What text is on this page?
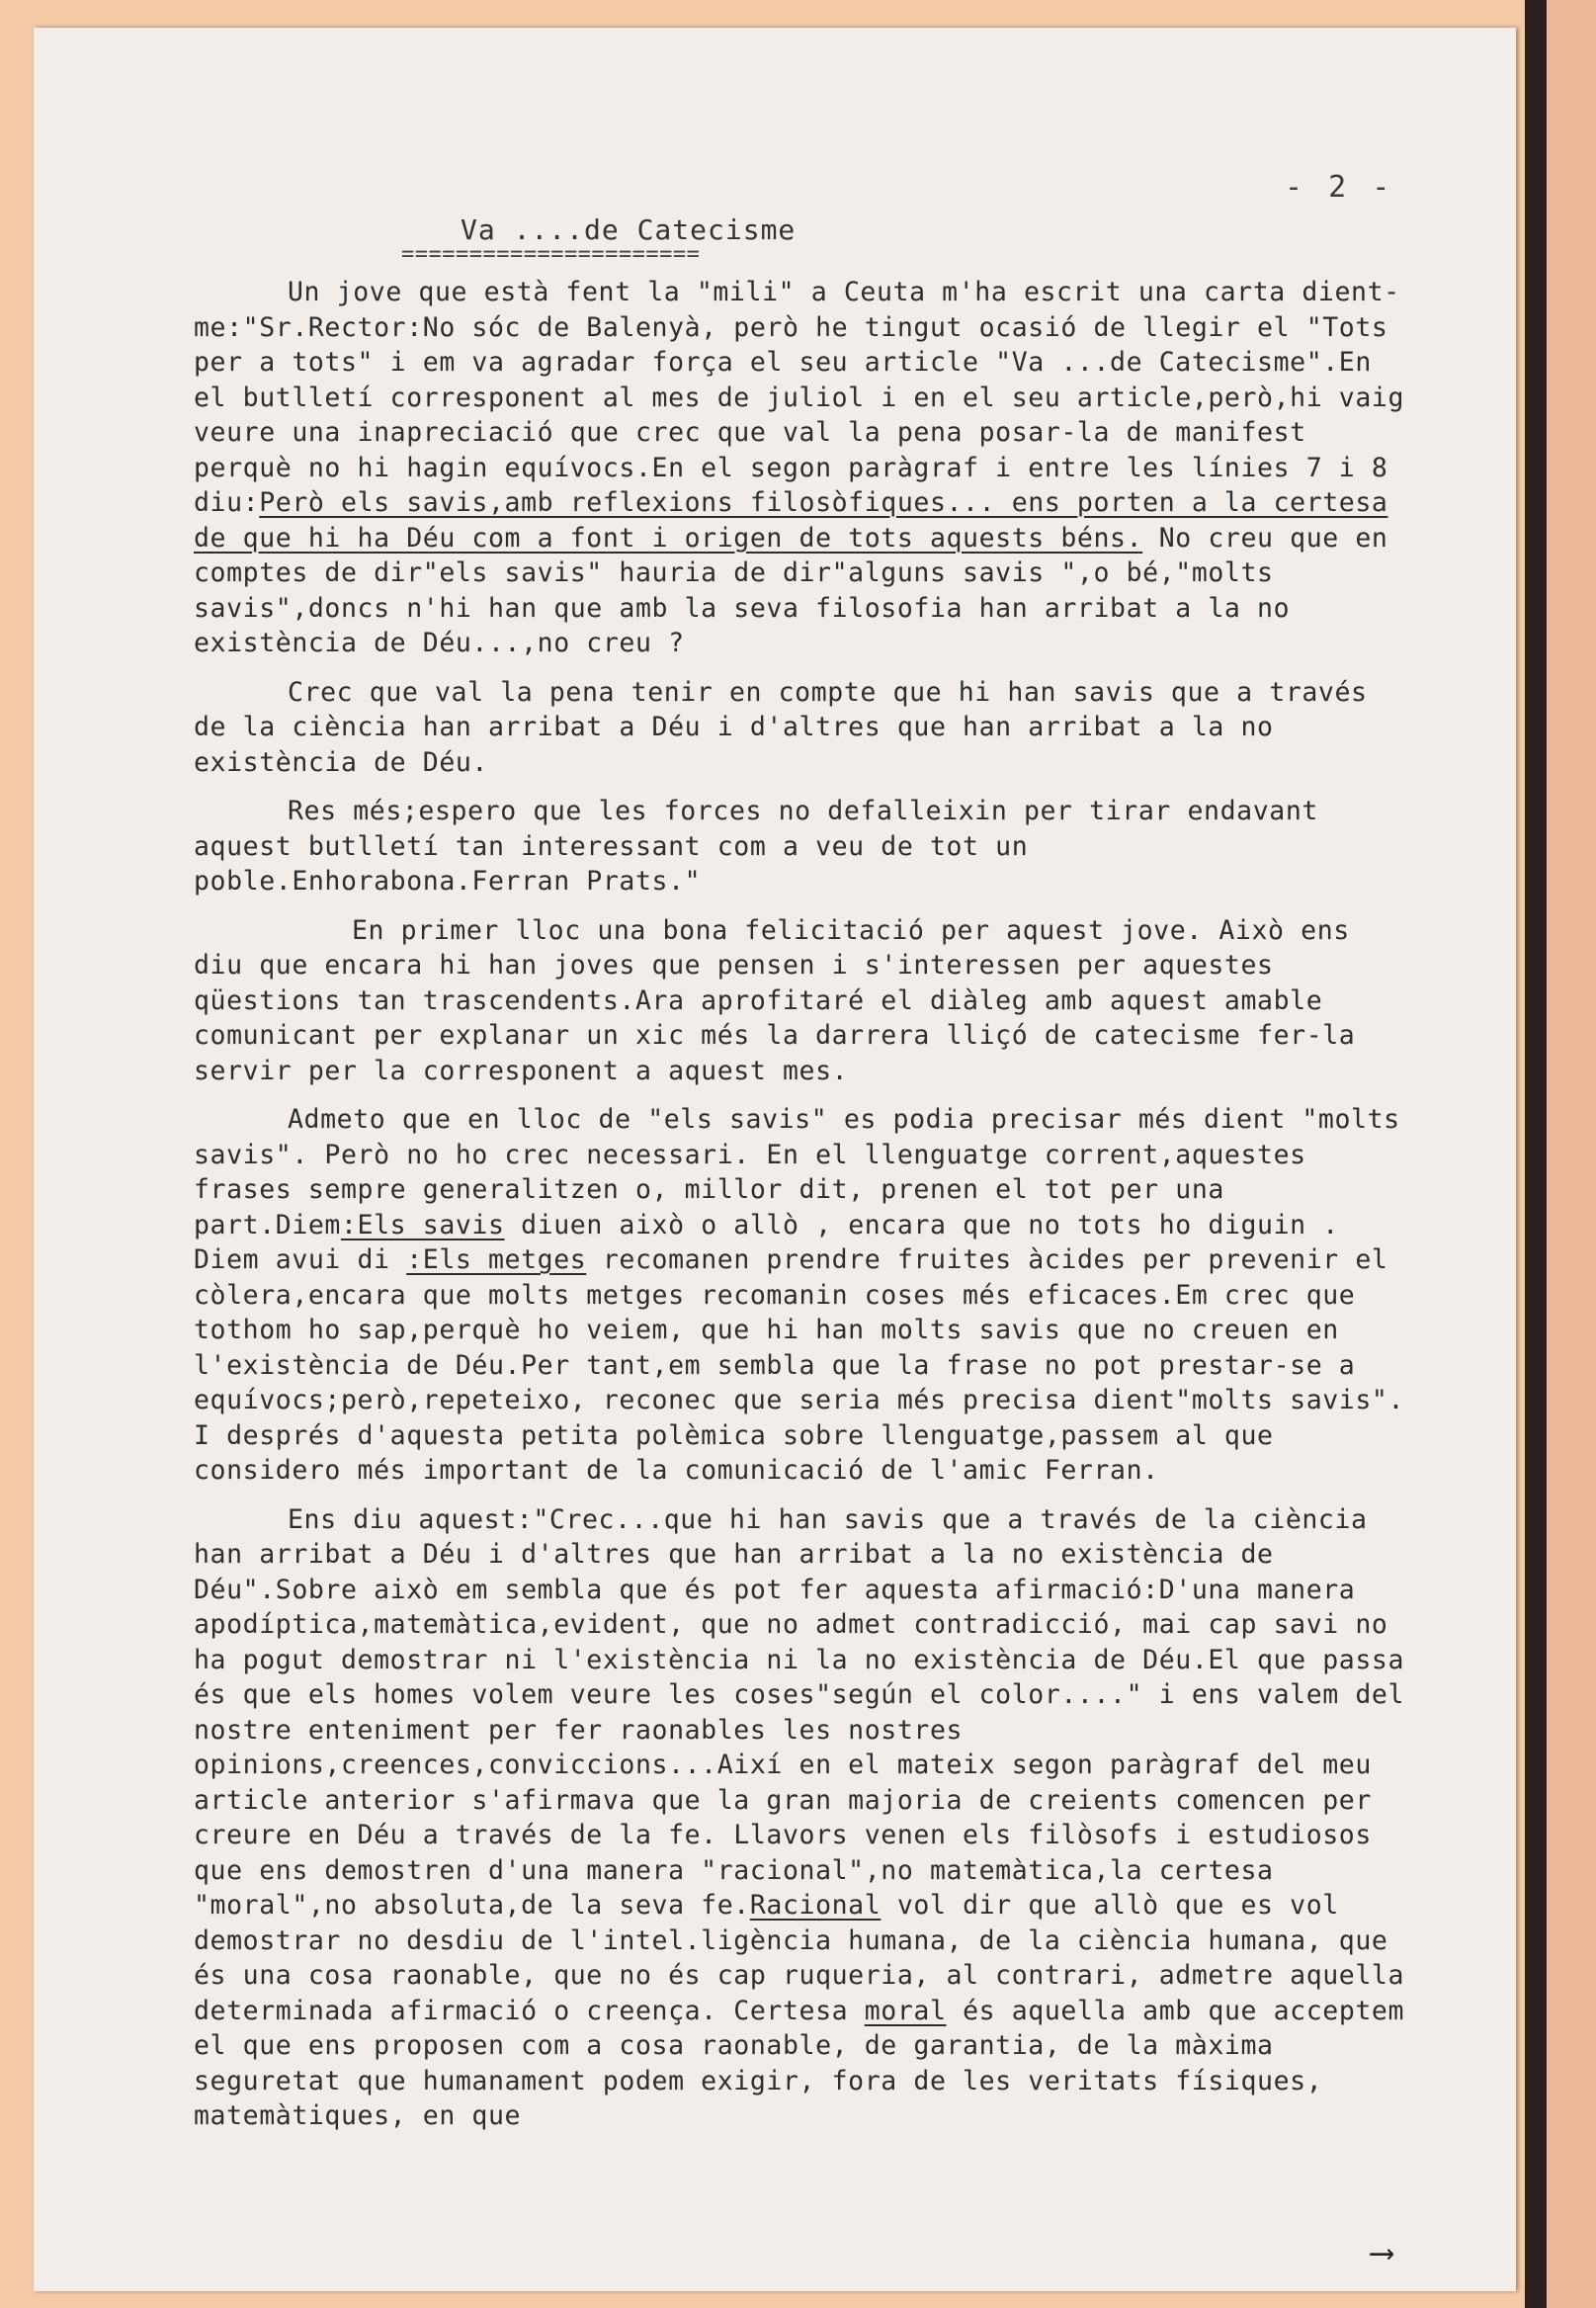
- 2 -
Va ....de Catecisme
======================

Un jove que està fent la "mili" a Ceuta m'ha escrit una carta dient-me:"Sr.Rector:No sóc de Balenyà, però he tingut ocasió de llegir el "Tots per a tots" i em va agradar força el seu article "Va ...de Catecisme".En el butlletí corresponent al mes de juliol i en el seu article,però,hi vaig veure una inapreciació que crec que val la pena posar-la de manifest perquè no hi hagin equívocs.En el segon paràgraf i entre les línies 7 i 8 diu:Però els savis,amb reflexions filosòfiques... ens porten a la certesa de que hi ha Déu com a font i origen de tots aquests béns. No creu que en comptes de dir"els savis" hauria de dir"alguns savis ",o bé,"molts savis",doncs n'hi han que amb la seva filosofia han arribat a la no existència de Déu...,no creu ?

Crec que val la pena tenir en compte que hi han savis que a través de la ciència han arribat a Déu i d'altres que han arribat a la no existència de Déu.

Res més;espero que les forces no defalleixin per tirar endavant aquest butlletí tan interessant com a veu de tot un poble.Enhorabona.Ferran Prats."

En primer lloc una bona felicitació per aquest jove. Això ens diu que encara hi han joves que pensen i s'interessen per aquestes qüestions tan trascendents.Ara aprofitaré el diàleg amb aquest amable comunicant per explanar un xic més la darrera lliçó de catecisme fer-la servir per la corresponent a aquest mes.

Admeto que en lloc de "els savis" es podia precisar més dient "molts savis". Però no ho crec necessari. En el llenguatge corrent,aquestes frases sempre generalitzen o, millor dit, prenen el tot per una part.Diem:Els savis diuen això o allò , encara que no tots ho diguin . Diem avui di :Els metges recomanen prendre fruites àcides per prevenir el còlera,encara que molts metges recomanin coses més eficaces.Em crec que tothom ho sap,perquè ho veiem, que hi han molts savis que no creuen en l'existència de Déu.Per tant,em sembla que la frase no pot prestar-se a equívocs;però,repeteixo, reconec que seria més precisa dient"molts savis". I després d'aquesta petita polèmica sobre llenguatge,passem al que considero més important de la comunicació de l'amic Ferran.

Ens diu aquest:"Crec...que hi han savis que a través de la ciència han arribat a Déu i d'altres que han arribat a la no existència de Déu".Sobre això em sembla que és pot fer aquesta afirmació:D'una manera apodíptica,matemàtica,evident, que no admet contradicció, mai cap savi no ha pogut demostrar ni l'existència ni la no existència de Déu.El que passa és que els homes volem veure les coses"según el color...." i ens valem del nostre enteniment per fer raonables les nostres opinions,creences,conviccions...Així en el mateix segon paràgraf del meu article anterior s'afirmava que la gran majoria de creients comencen per creure en Déu a través de la fe. Llavors venen els filòsofs i estudiosos que ens demostren d'una manera "racional",no matemàtica,la certesa "moral",no absoluta,de la seva fe.Racional vol dir que allò que es vol demostrar no desdiu de l'intel.ligència humana, de la ciència humana, que és una cosa raonable, que no és cap ruqueria, al contrari, admetre aquella determinada afirmació o creença. Certesa moral és aquella amb que acceptem el que ens proposen com a cosa raonable, de garantia, de la màxima seguretat que humanament podem exigir, fora de les veritats físiques, matemàtiques, en que

⟶
